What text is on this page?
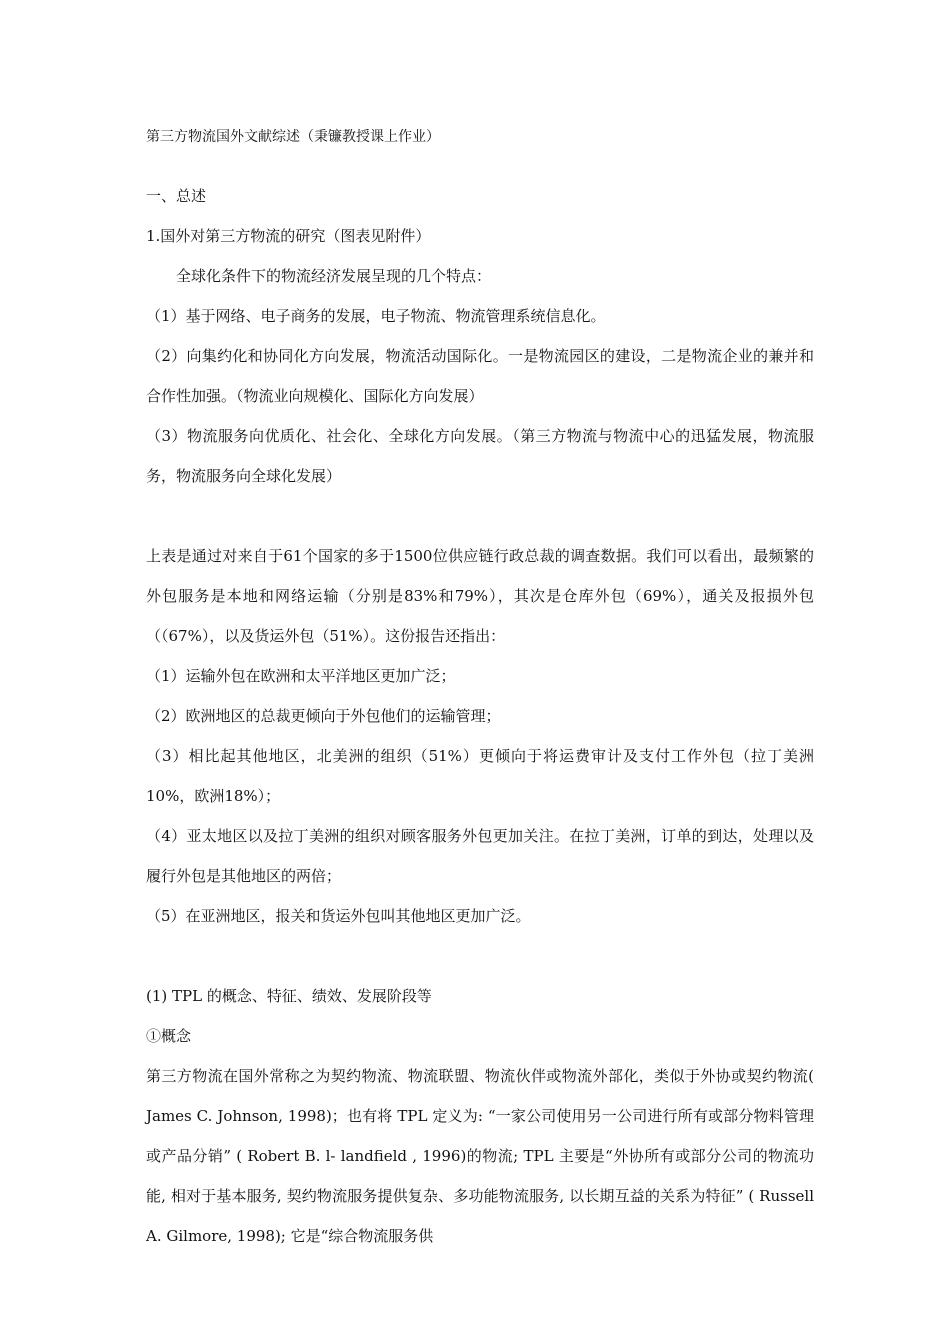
第三方物流国外文献综述（秉镰教授课上作业）

一、总述

1.国外对第三方物流的研究（图表见附件）

全球化条件下的物流经济发展呈现的几个特点：

（1）基于网络、电子商务的发展，电子物流、物流管理系统信息化。

（2）向集约化和协同化方向发展，物流活动国际化。一是物流园区的建设，二是物流企业的兼并和合作性加强。（物流业向规模化、国际化方向发展）

（3）物流服务向优质化、社会化、全球化方向发展。（第三方物流与物流中心的迅猛发展，物流服务，物流服务向全球化发展）

上表是通过对来自于61个国家的多于1500位供应链行政总裁的调查数据。我们可以看出，最频繁的外包服务是本地和网络运输（分别是83%和79%），其次是仓库外包（69%），通关及报损外包（（67%），以及货运外包（51%）。这份报告还指出：

（1）运输外包在欧洲和太平洋地区更加广泛；

（2）欧洲地区的总裁更倾向于外包他们的运输管理；

（3）相比起其他地区，北美洲的组织（51%）更倾向于将运费审计及支付工作外包（拉丁美洲10%，欧洲18%）；

（4）亚太地区以及拉丁美洲的组织对顾客服务外包更加关注。在拉丁美洲，订单的到达，处理以及履行外包是其他地区的两倍；

（5）在亚洲地区，报关和货运外包叫其他地区更加广泛。

(1) TPL 的概念、特征、绩效、发展阶段等

①概念

第三方物流在国外常称之为契约物流、物流联盟、物流伙伴或物流外部化，类似于外协或契约物流( James C. Johnson, 1998)；也有将 TPL 定义为: “一家公司使用另一公司进行所有或部分物料管理或产品分销” ( Robert B. l- landfield , 1996)的物流; TPL 主要是“外协所有或部分公司的物流功能, 相对于基本服务, 契约物流服务提供复杂、多功能物流服务, 以长期互益的关系为特征” ( Russell A. Gilmore, 1998); 它是“综合物流服务供
